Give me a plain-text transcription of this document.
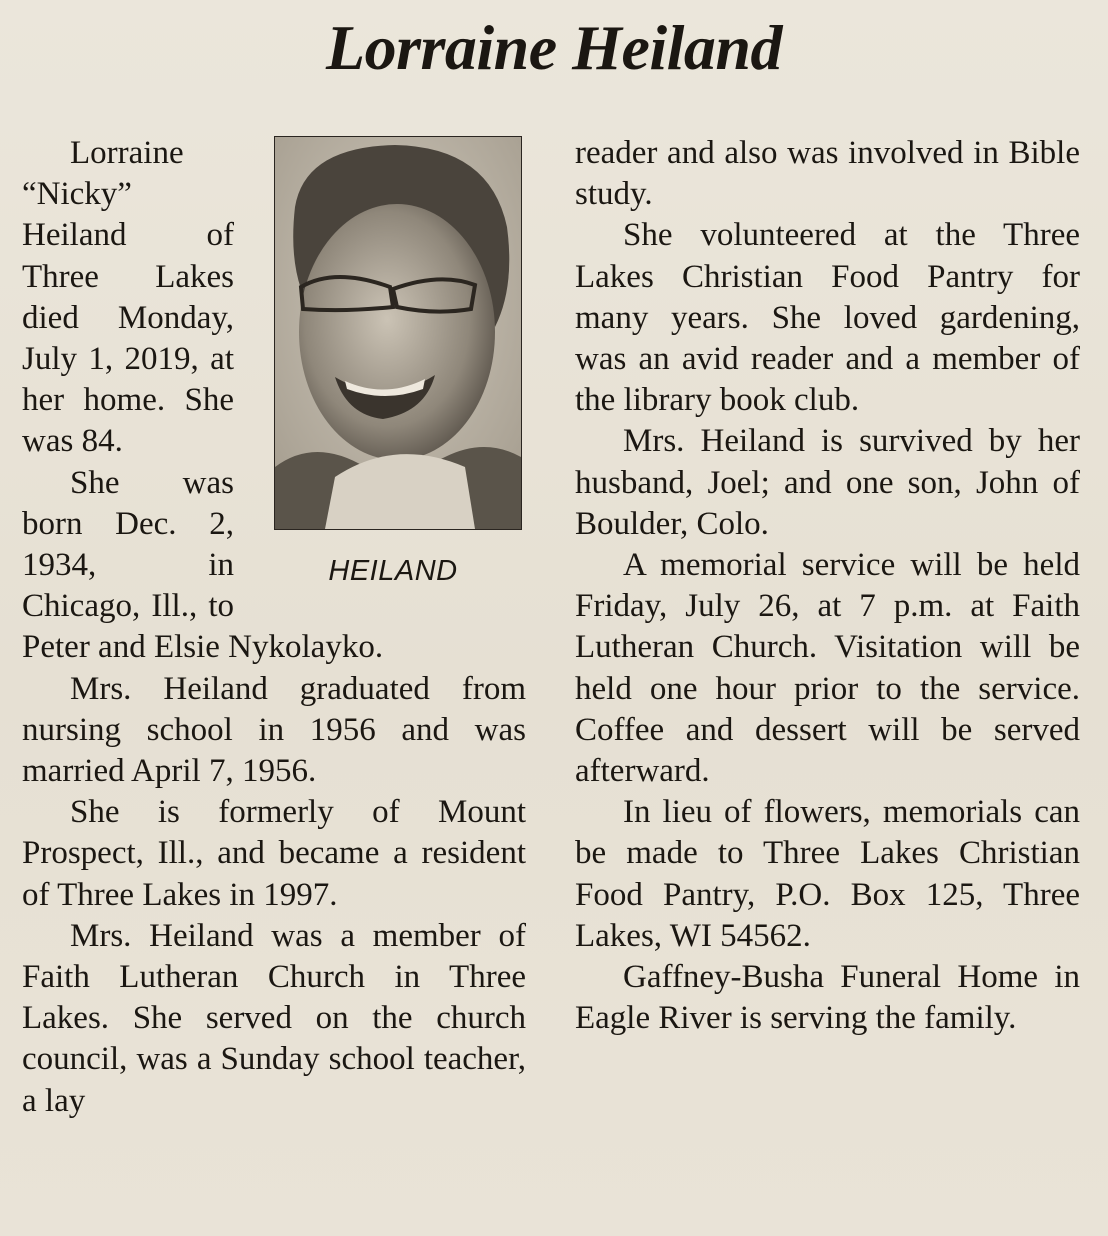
Lorraine Heiland
HEILAND

Lorraine “Nicky” Heiland of Three Lakes died Monday, July 1, 2019, at her home. She was 84.

She was born Dec. 2, 1934, in Chicago, Ill., to Peter and Elsie Nykolayko.

Mrs. Heiland graduated from nursing school in 1956 and was married April 7, 1956.

She is formerly of Mount Prospect, Ill., and became a resident of Three Lakes in 1997.

Mrs. Heiland was a member of Faith Lutheran Church in Three Lakes. She served on the church council, was a Sunday school teacher, a lay

reader and also was involved in Bible study.

She volunteered at the Three Lakes Christian Food Pantry for many years. She loved gardening, was an avid reader and a member of the library book club.

Mrs. Heiland is survived by her husband, Joel; and one son, John of Boulder, Colo.

A memorial service will be held Friday, July 26, at 7 p.m. at Faith Lutheran Church. Visitation will be held one hour prior to the service. Coffee and dessert will be served afterward.

In lieu of flowers, memorials can be made to Three Lakes Christian Food Pantry, P.O. Box 125, Three Lakes, WI 54562.

Gaffney-Busha Funeral Home in Eagle River is serving the family.
